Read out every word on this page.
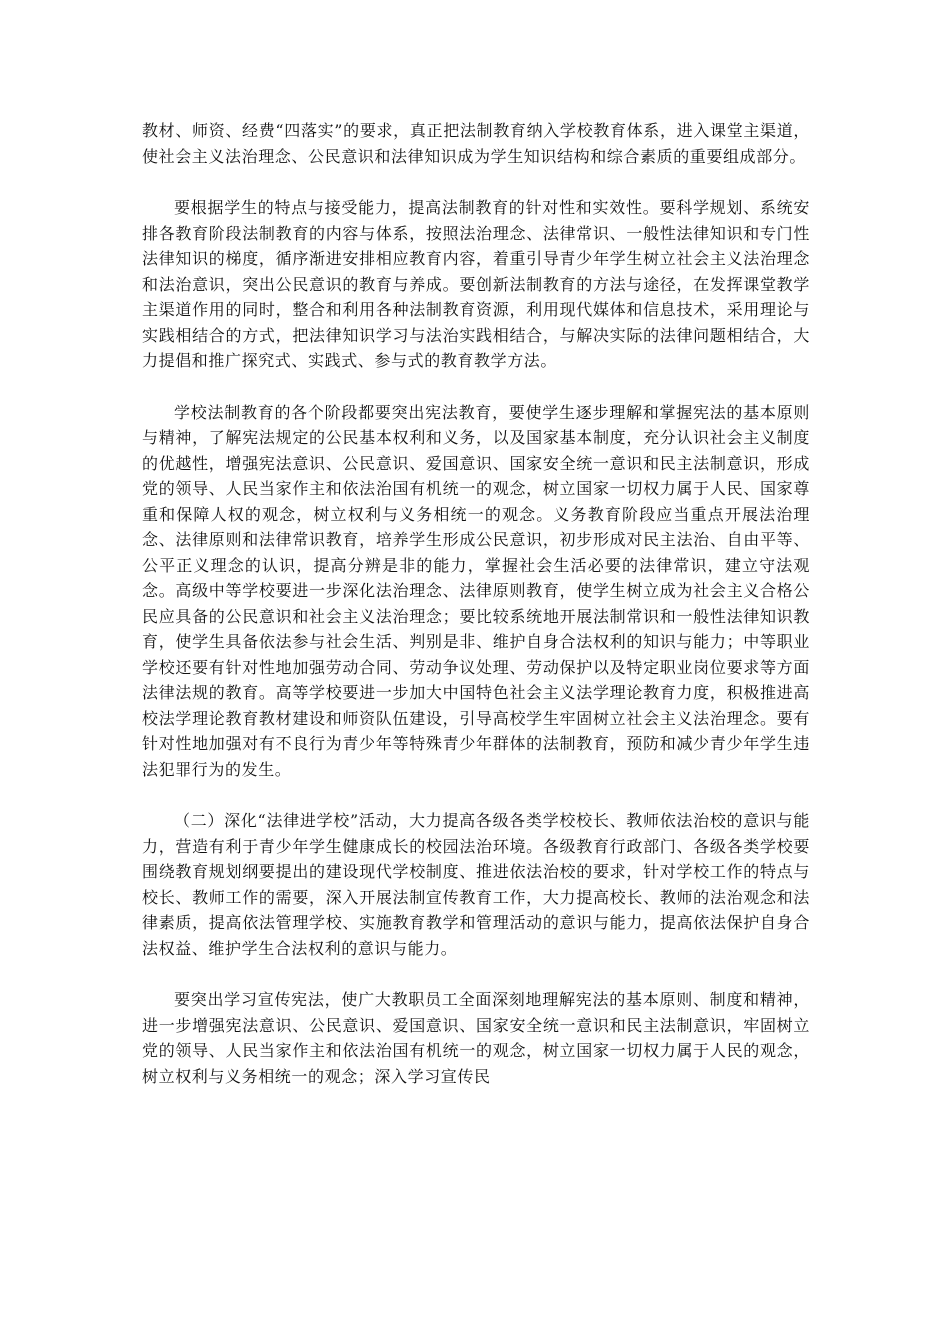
教材、师资、经费“四落实”的要求，真正把法制教育纳入学校教育体系，进入课堂主渠道，使社会主义法治理念、公民意识和法律知识成为学生知识结构和综合素质的重要组成部分。

要根据学生的特点与接受能力，提高法制教育的针对性和实效性。要科学规划、系统安排各教育阶段法制教育的内容与体系，按照法治理念、法律常识、一般性法律知识和专门性法律知识的梯度，循序渐进安排相应教育内容，着重引导青少年学生树立社会主义法治理念和法治意识，突出公民意识的教育与养成。要创新法制教育的方法与途径，在发挥课堂教学主渠道作用的同时，整合和利用各种法制教育资源，利用现代媒体和信息技术，采用理论与实践相结合的方式，把法律知识学习与法治实践相结合，与解决实际的法律问题相结合，大力提倡和推广探究式、实践式、参与式的教育教学方法。

学校法制教育的各个阶段都要突出宪法教育，要使学生逐步理解和掌握宪法的基本原则与精神，了解宪法规定的公民基本权利和义务，以及国家基本制度，充分认识社会主义制度的优越性，增强宪法意识、公民意识、爱国意识、国家安全统一意识和民主法制意识，形成党的领导、人民当家作主和依法治国有机统一的观念，树立国家一切权力属于人民、国家尊重和保障人权的观念，树立权利与义务相统一的观念。义务教育阶段应当重点开展法治理念、法律原则和法律常识教育，培养学生形成公民意识，初步形成对民主法治、自由平等、公平正义理念的认识，提高分辨是非的能力，掌握社会生活必要的法律常识，建立守法观念。高级中等学校要进一步深化法治理念、法律原则教育，使学生树立成为社会主义合格公民应具备的公民意识和社会主义法治理念；要比较系统地开展法制常识和一般性法律知识教育，使学生具备依法参与社会生活、判别是非、维护自身合法权利的知识与能力；中等职业学校还要有针对性地加强劳动合同、劳动争议处理、劳动保护以及特定职业岗位要求等方面法律法规的教育。高等学校要进一步加大中国特色社会主义法学理论教育力度，积极推进高校法学理论教育教材建设和师资队伍建设，引导高校学生牢固树立社会主义法治理念。要有针对性地加强对有不良行为青少年等特殊青少年群体的法制教育，预防和减少青少年学生违法犯罪行为的发生。

（二）深化“法律进学校”活动，大力提高各级各类学校校长、教师依法治校的意识与能力，营造有利于青少年学生健康成长的校园法治环境。各级教育行政部门、各级各类学校要围绕教育规划纲要提出的建设现代学校制度、推进依法治校的要求，针对学校工作的特点与校长、教师工作的需要，深入开展法制宣传教育工作，大力提高校长、教师的法治观念和法律素质，提高依法管理学校、实施教育教学和管理活动的意识与能力，提高依法保护自身合法权益、维护学生合法权利的意识与能力。

要突出学习宣传宪法，使广大教职员工全面深刻地理解宪法的基本原则、制度和精神，进一步增强宪法意识、公民意识、爱国意识、国家安全统一意识和民主法制意识，牢固树立党的领导、人民当家作主和依法治国有机统一的观念，树立国家一切权力属于人民的观念，树立权利与义务相统一的观念；深入学习宣传民
